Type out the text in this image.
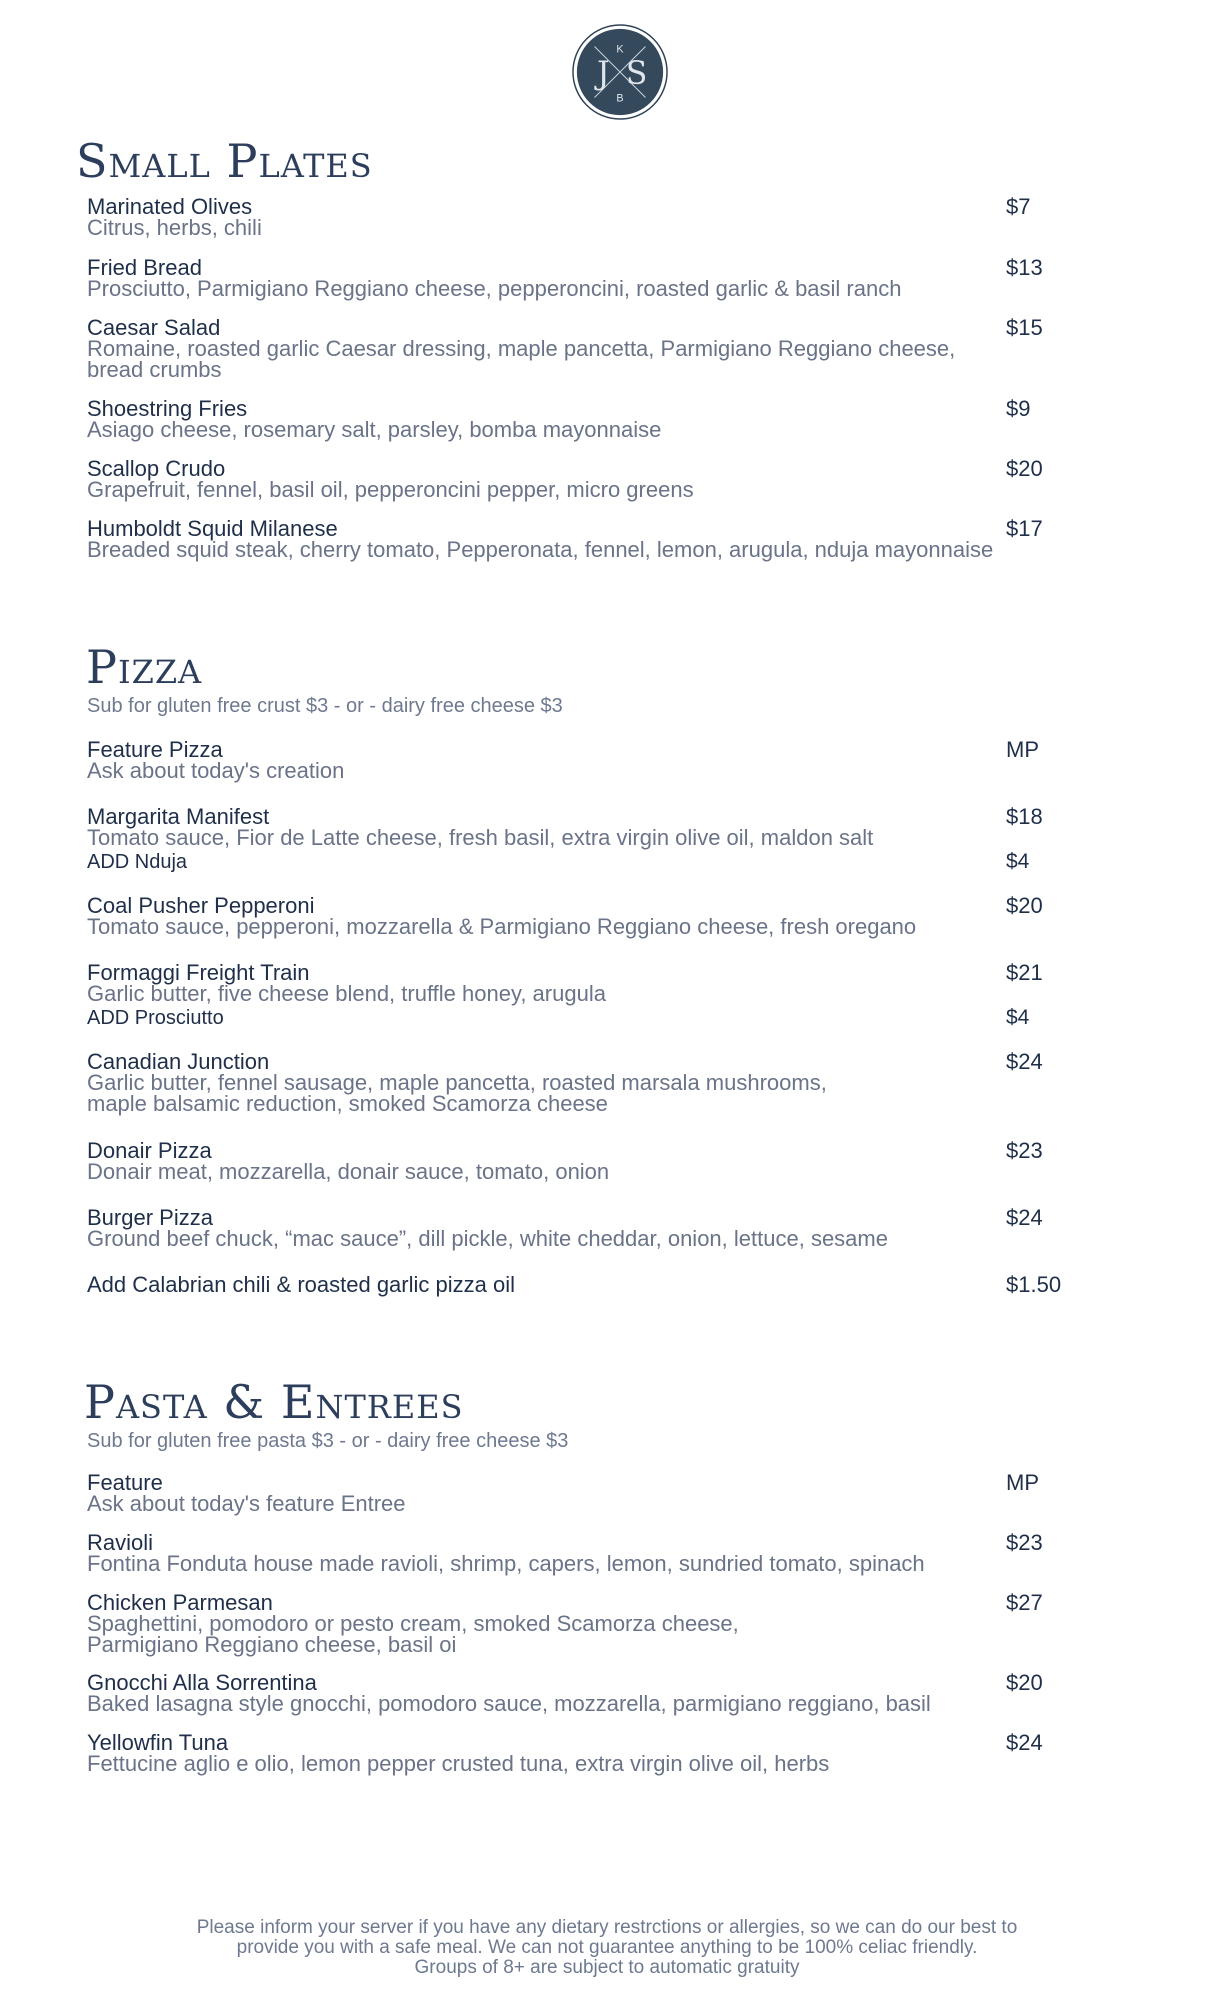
J
K
S
B
Small Plates
Marinated Olives
Citrus, herbs, chili
$7
Fried Bread
Prosciutto, Parmigiano Reggiano cheese, pepperoncini, roasted garlic & basil ranch
$13
Caesar Salad
Romaine, roasted garlic Caesar dressing, maple pancetta, Parmigiano Reggiano cheese,
bread crumbs
$15
Shoestring Fries
Asiago cheese, rosemary salt, parsley, bomba mayonnaise
$9
Scallop Crudo
Grapefruit, fennel, basil oil, pepperoncini pepper, micro greens
$20
Humboldt Squid Milanese
Breaded squid steak, cherry tomato, Pepperonata, fennel, lemon, arugula, nduja mayonnaise
$17
Pizza
Sub for gluten free crust $3 - or - dairy free cheese $3
Feature Pizza
Ask about today's creation
MP
Margarita Manifest
Tomato sauce, Fior de Latte cheese, fresh basil, extra virgin olive oil, maldon salt
ADD Nduja
$18
$4
Coal Pusher Pepperoni
Tomato sauce, pepperoni, mozzarella & Parmigiano Reggiano cheese, fresh oregano
$20
Formaggi Freight Train
Garlic butter, five cheese blend, truffle honey, arugula
ADD Prosciutto
$21
$4
Canadian Junction
Garlic butter, fennel sausage, maple pancetta, roasted marsala mushrooms,
maple balsamic reduction, smoked Scamorza cheese
$24
Donair Pizza
Donair meat, mozzarella, donair sauce, tomato, onion
$23
Burger Pizza
Ground beef chuck, “mac sauce”, dill pickle, white cheddar, onion, lettuce, sesame
$24
Add Calabrian chili & roasted garlic pizza oil	$1.50
Pasta & Entrees
Sub for gluten free pasta $3 - or - dairy free cheese $3
Feature
Ask about today's feature Entree
MP
Ravioli
Fontina Fonduta house made ravioli, shrimp, capers, lemon, sundried tomato, spinach
$23
Chicken Parmesan
Spaghettini, pomodoro or pesto cream, smoked Scamorza cheese,
Parmigiano Reggiano cheese, basil oi
$27
Gnocchi Alla Sorrentina
Baked lasagna style gnocchi, pomodoro sauce, mozzarella, parmigiano reggiano, basil
$20
Yellowfin Tuna
Fettucine aglio e olio, lemon pepper crusted tuna, extra virgin olive oil, herbs
$24
Please inform your server if you have any dietary restrctions or allergies, so we can do our best to
provide you with a safe meal. We can not guarantee anything to be 100% celiac friendly.
Groups of 8+ are subject to automatic gratuity
